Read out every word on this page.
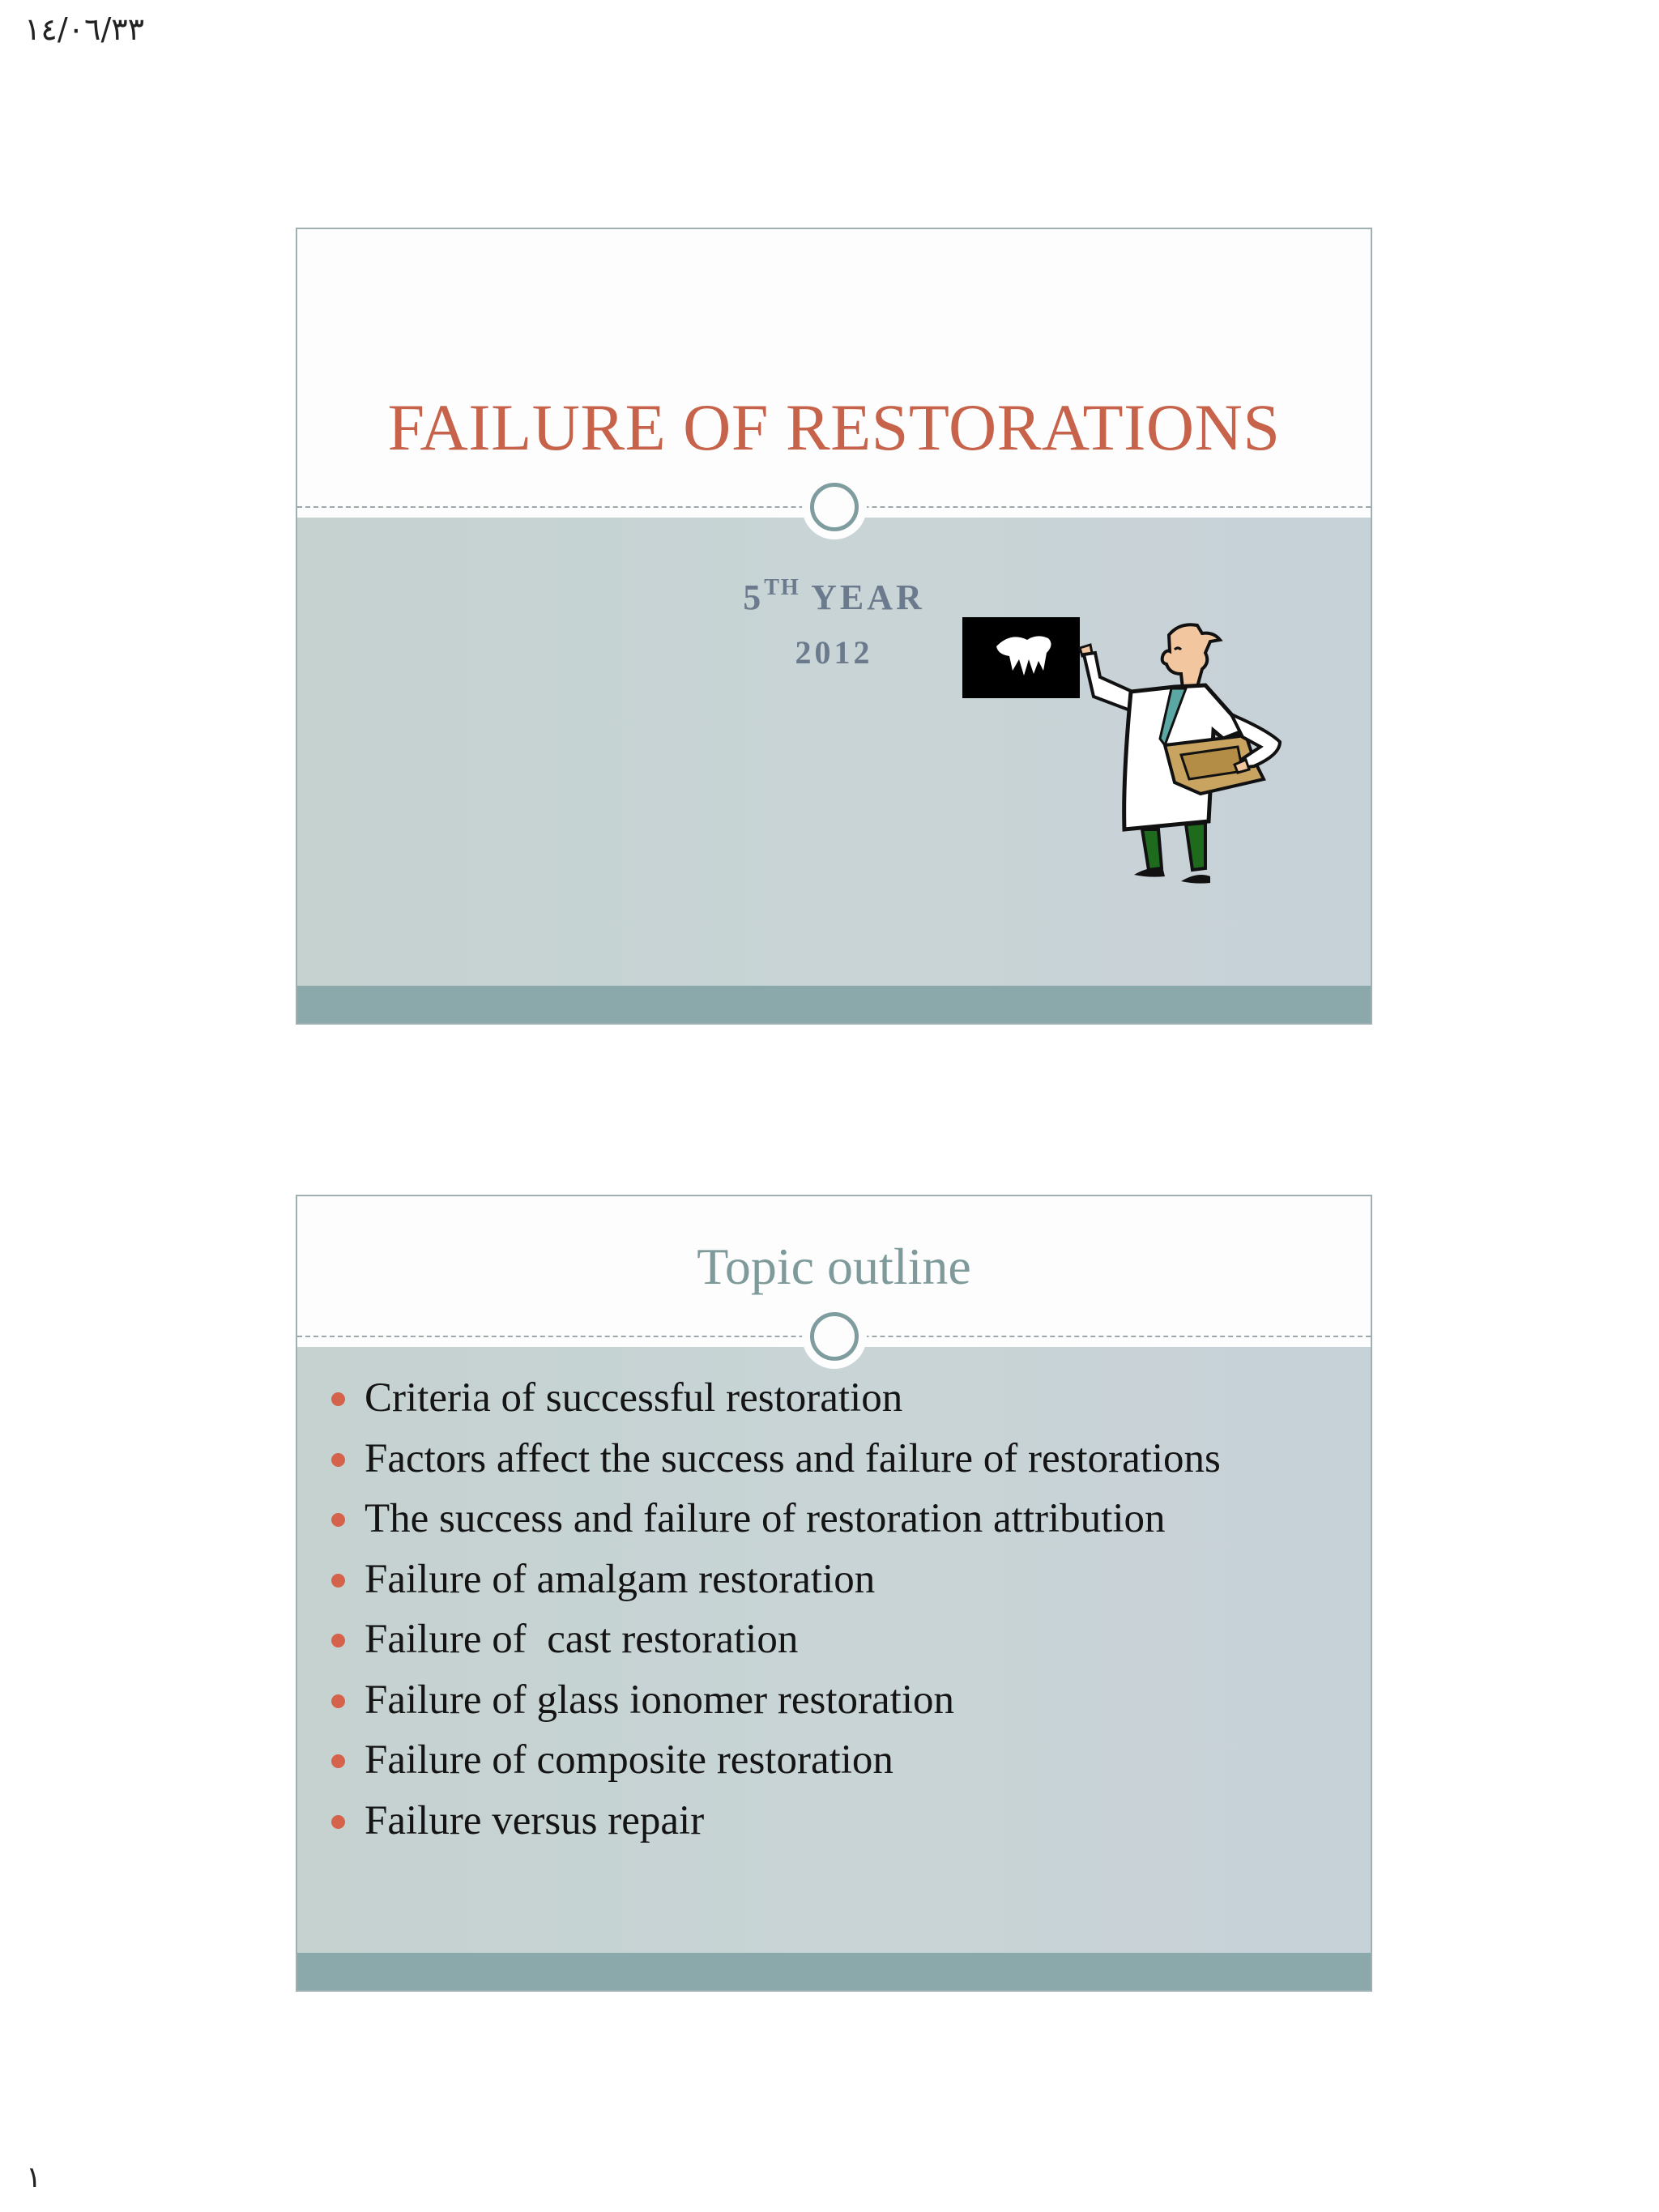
١٤/٠٦/٣٣
FAILURE OF RESTORATIONS
5TH YEAR
2012
Topic outline
Criteria of successful restoration
Factors affect the success and failure of restorations
The success and failure of restoration attribution
Failure of amalgam restoration
Failure of  cast restoration
Failure of glass ionomer restoration
Failure of composite restoration
Failure versus repair
١
